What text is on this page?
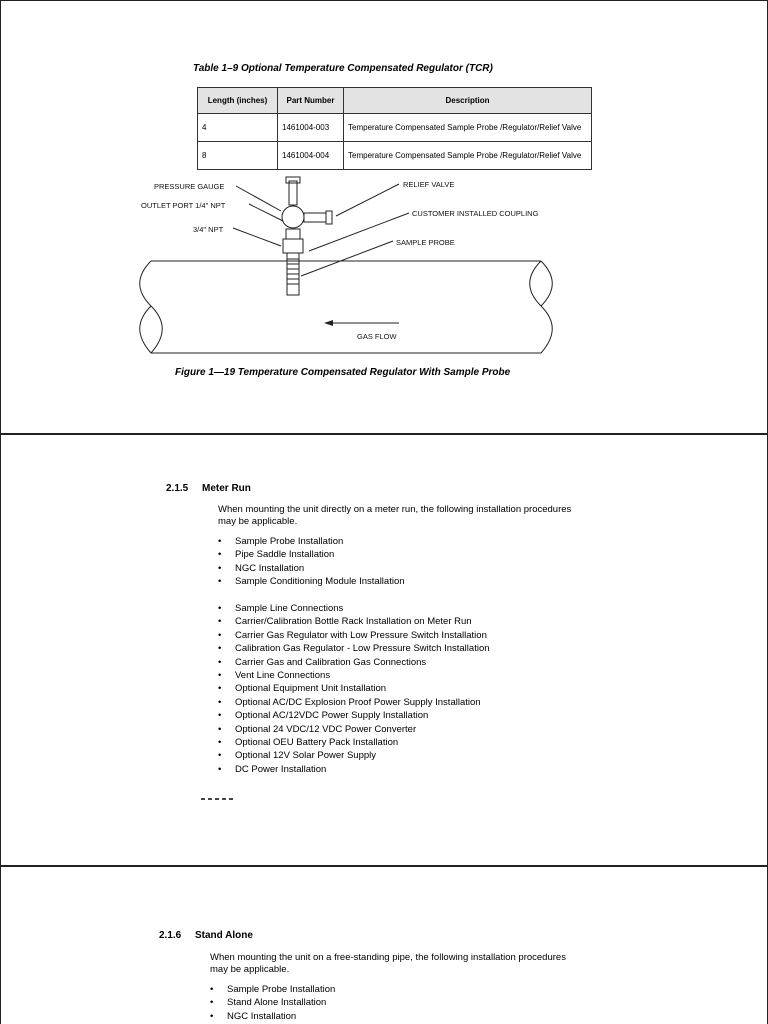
Table 1–9 Optional Temperature Compensated Regulator (TCR)
Length (inches)	Part Number	Description
4	1461004-003	Temperature Compensated Sample Probe /Regulator/Relief Valve
8	1461004-004	Temperature Compensated Sample Probe /Regulator/Relief Valve
PRESSURE GAUGE
OUTLET PORT 1/4" NPT
3/4" NPT
RELIEF VALVE
CUSTOMER INSTALLED COUPLING
SAMPLE PROBE
GAS FLOW
Figure 1—19 Temperature Compensated Regulator With Sample Probe
2.1.5 Meter Run
When mounting the unit directly on a meter run, the following installation procedures may be applicable.
• Sample Probe Installation
• Pipe Saddle Installation
• NGC Installation
• Sample Conditioning Module Installation
• Sample Line Connections
• Carrier/Calibration Bottle Rack Installation on Meter Run
• Carrier Gas Regulator with Low Pressure Switch Installation
• Calibration Gas Regulator - Low Pressure Switch Installation
• Carrier Gas and Calibration Gas Connections
• Vent Line Connections
• Optional Equipment Unit Installation
• Optional AC/DC Explosion Proof Power Supply Installation
• Optional AC/12VDC Power Supply Installation
• Optional 24 VDC/12 VDC Power Converter
• Optional OEU Battery Pack Installation
• Optional 12V Solar Power Supply
• DC Power Installation
2.1.6 Stand Alone
When mounting the unit on a free-standing pipe, the following installation procedures may be applicable.
• Sample Probe Installation
• Stand Alone Installation
• NGC Installation
